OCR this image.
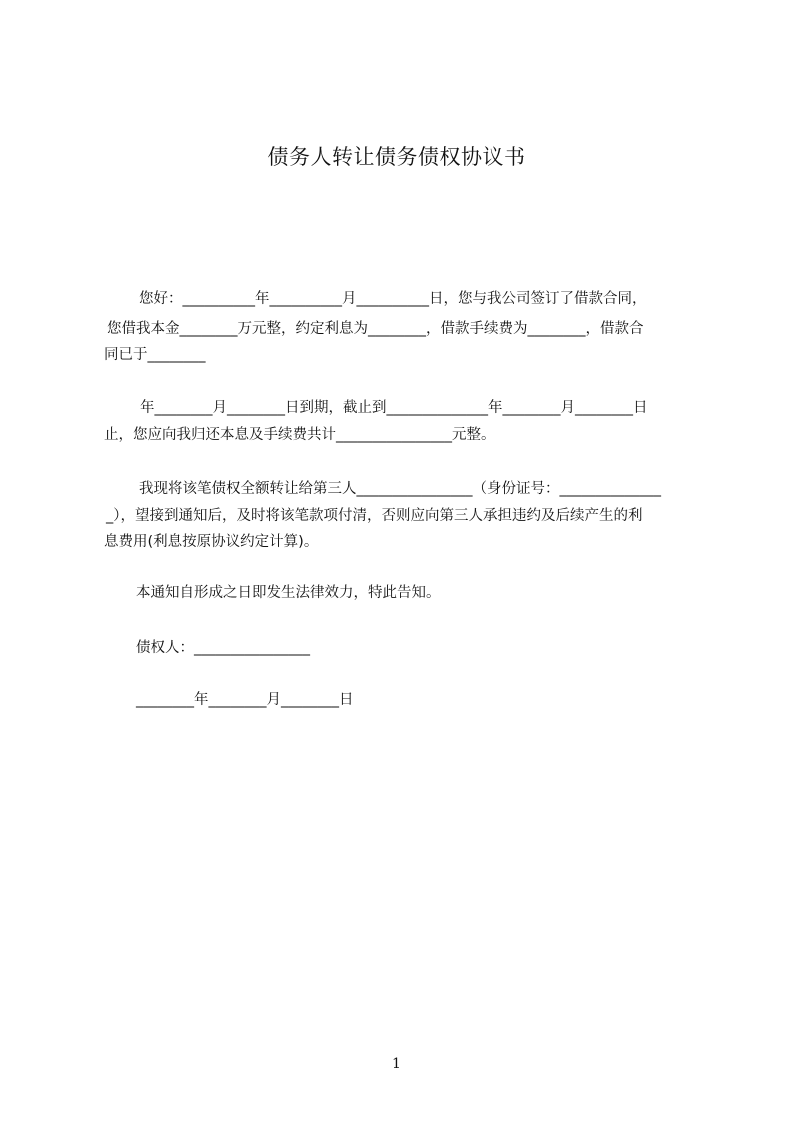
债务人转让债务债权协议书
您好：__________年__________月__________日，您与我公司签订了借款合同，
您借我本金________万元整，约定利息为________，借款手续费为________，借款合
同已于________
年________月________日到期，截止到______________年________月________日
止，您应向我归还本息及手续费共计________________元整。
我现将该笔债权全额转让给第三人________________（身份证号：______________
_），望接到通知后，及时将该笔款项付清，否则应向第三人承担违约及后续产生的利
息费用(利息按原协议约定计算)。
本通知自形成之日即发生法律效力，特此告知。
债权人：________________
________年________月________日
1
